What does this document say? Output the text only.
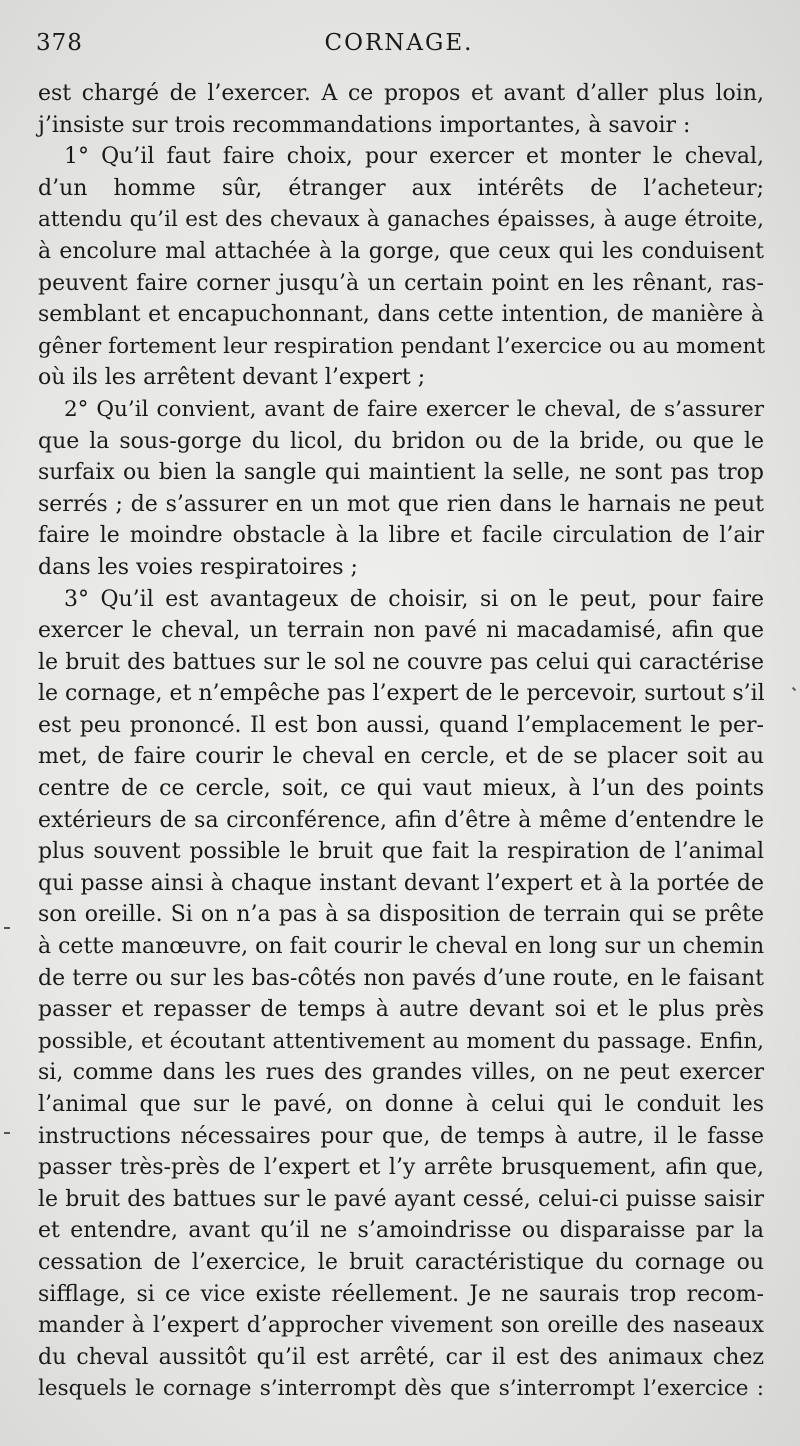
378	CORNAGE.
est chargé de l’exercer. A ce propos et avant d’aller plus loin,
j’insiste sur trois recommandations importantes, à savoir :
1° Qu’il faut faire choix, pour exercer et monter le cheval,
d’un homme sûr, étranger aux intérêts de l’acheteur;
attendu qu’il est des chevaux à ganaches épaisses, à auge étroite,
à encolure mal attachée à la gorge, que ceux qui les conduisent
peuvent faire corner jusqu’à un certain point en les rênant, ras-
semblant et encapuchonnant, dans cette intention, de manière à
gêner fortement leur respiration pendant l’exercice ou au moment
où ils les arrêtent devant l’expert ;
2° Qu’il convient, avant de faire exercer le cheval, de s’assurer
que la sous-gorge du licol, du bridon ou de la bride, ou que le
surfaix ou bien la sangle qui maintient la selle, ne sont pas trop
serrés ; de s’assurer en un mot que rien dans le harnais ne peut
faire le moindre obstacle à la libre et facile circulation de l’air
dans les voies respiratoires ;
3° Qu’il est avantageux de choisir, si on le peut, pour faire
exercer le cheval, un terrain non pavé ni macadamisé, afin que
le bruit des battues sur le sol ne couvre pas celui qui caractérise
le cornage, et n’empêche pas l’expert de le percevoir, surtout s’il
est peu prononcé. Il est bon aussi, quand l’emplacement le per-
met, de faire courir le cheval en cercle, et de se placer soit au
centre de ce cercle, soit, ce qui vaut mieux, à l’un des points
extérieurs de sa circonférence, afin d’être à même d’entendre le
plus souvent possible le bruit que fait la respiration de l’animal
qui passe ainsi à chaque instant devant l’expert et à la portée de
son oreille. Si on n’a pas à sa disposition de terrain qui se prête
à cette manœuvre, on fait courir le cheval en long sur un chemin
de terre ou sur les bas-côtés non pavés d’une route, en le faisant
passer et repasser de temps à autre devant soi et le plus près
possible, et écoutant attentivement au moment du passage. Enfin,
si, comme dans les rues des grandes villes, on ne peut exercer
l’animal que sur le pavé, on donne à celui qui le conduit les
instructions nécessaires pour que, de temps à autre, il le fasse
passer très-près de l’expert et l’y arrête brusquement, afin que,
le bruit des battues sur le pavé ayant cessé, celui-ci puisse saisir
et entendre, avant qu’il ne s’amoindrisse ou disparaisse par la
cessation de l’exercice, le bruit caractéristique du cornage ou
sifflage, si ce vice existe réellement. Je ne saurais trop recom-
mander à l’expert d’approcher vivement son oreille des naseaux
du cheval aussitôt qu’il est arrêté, car il est des animaux chez
lesquels le cornage s’interrompt dès que s’interrompt l’exercice :
